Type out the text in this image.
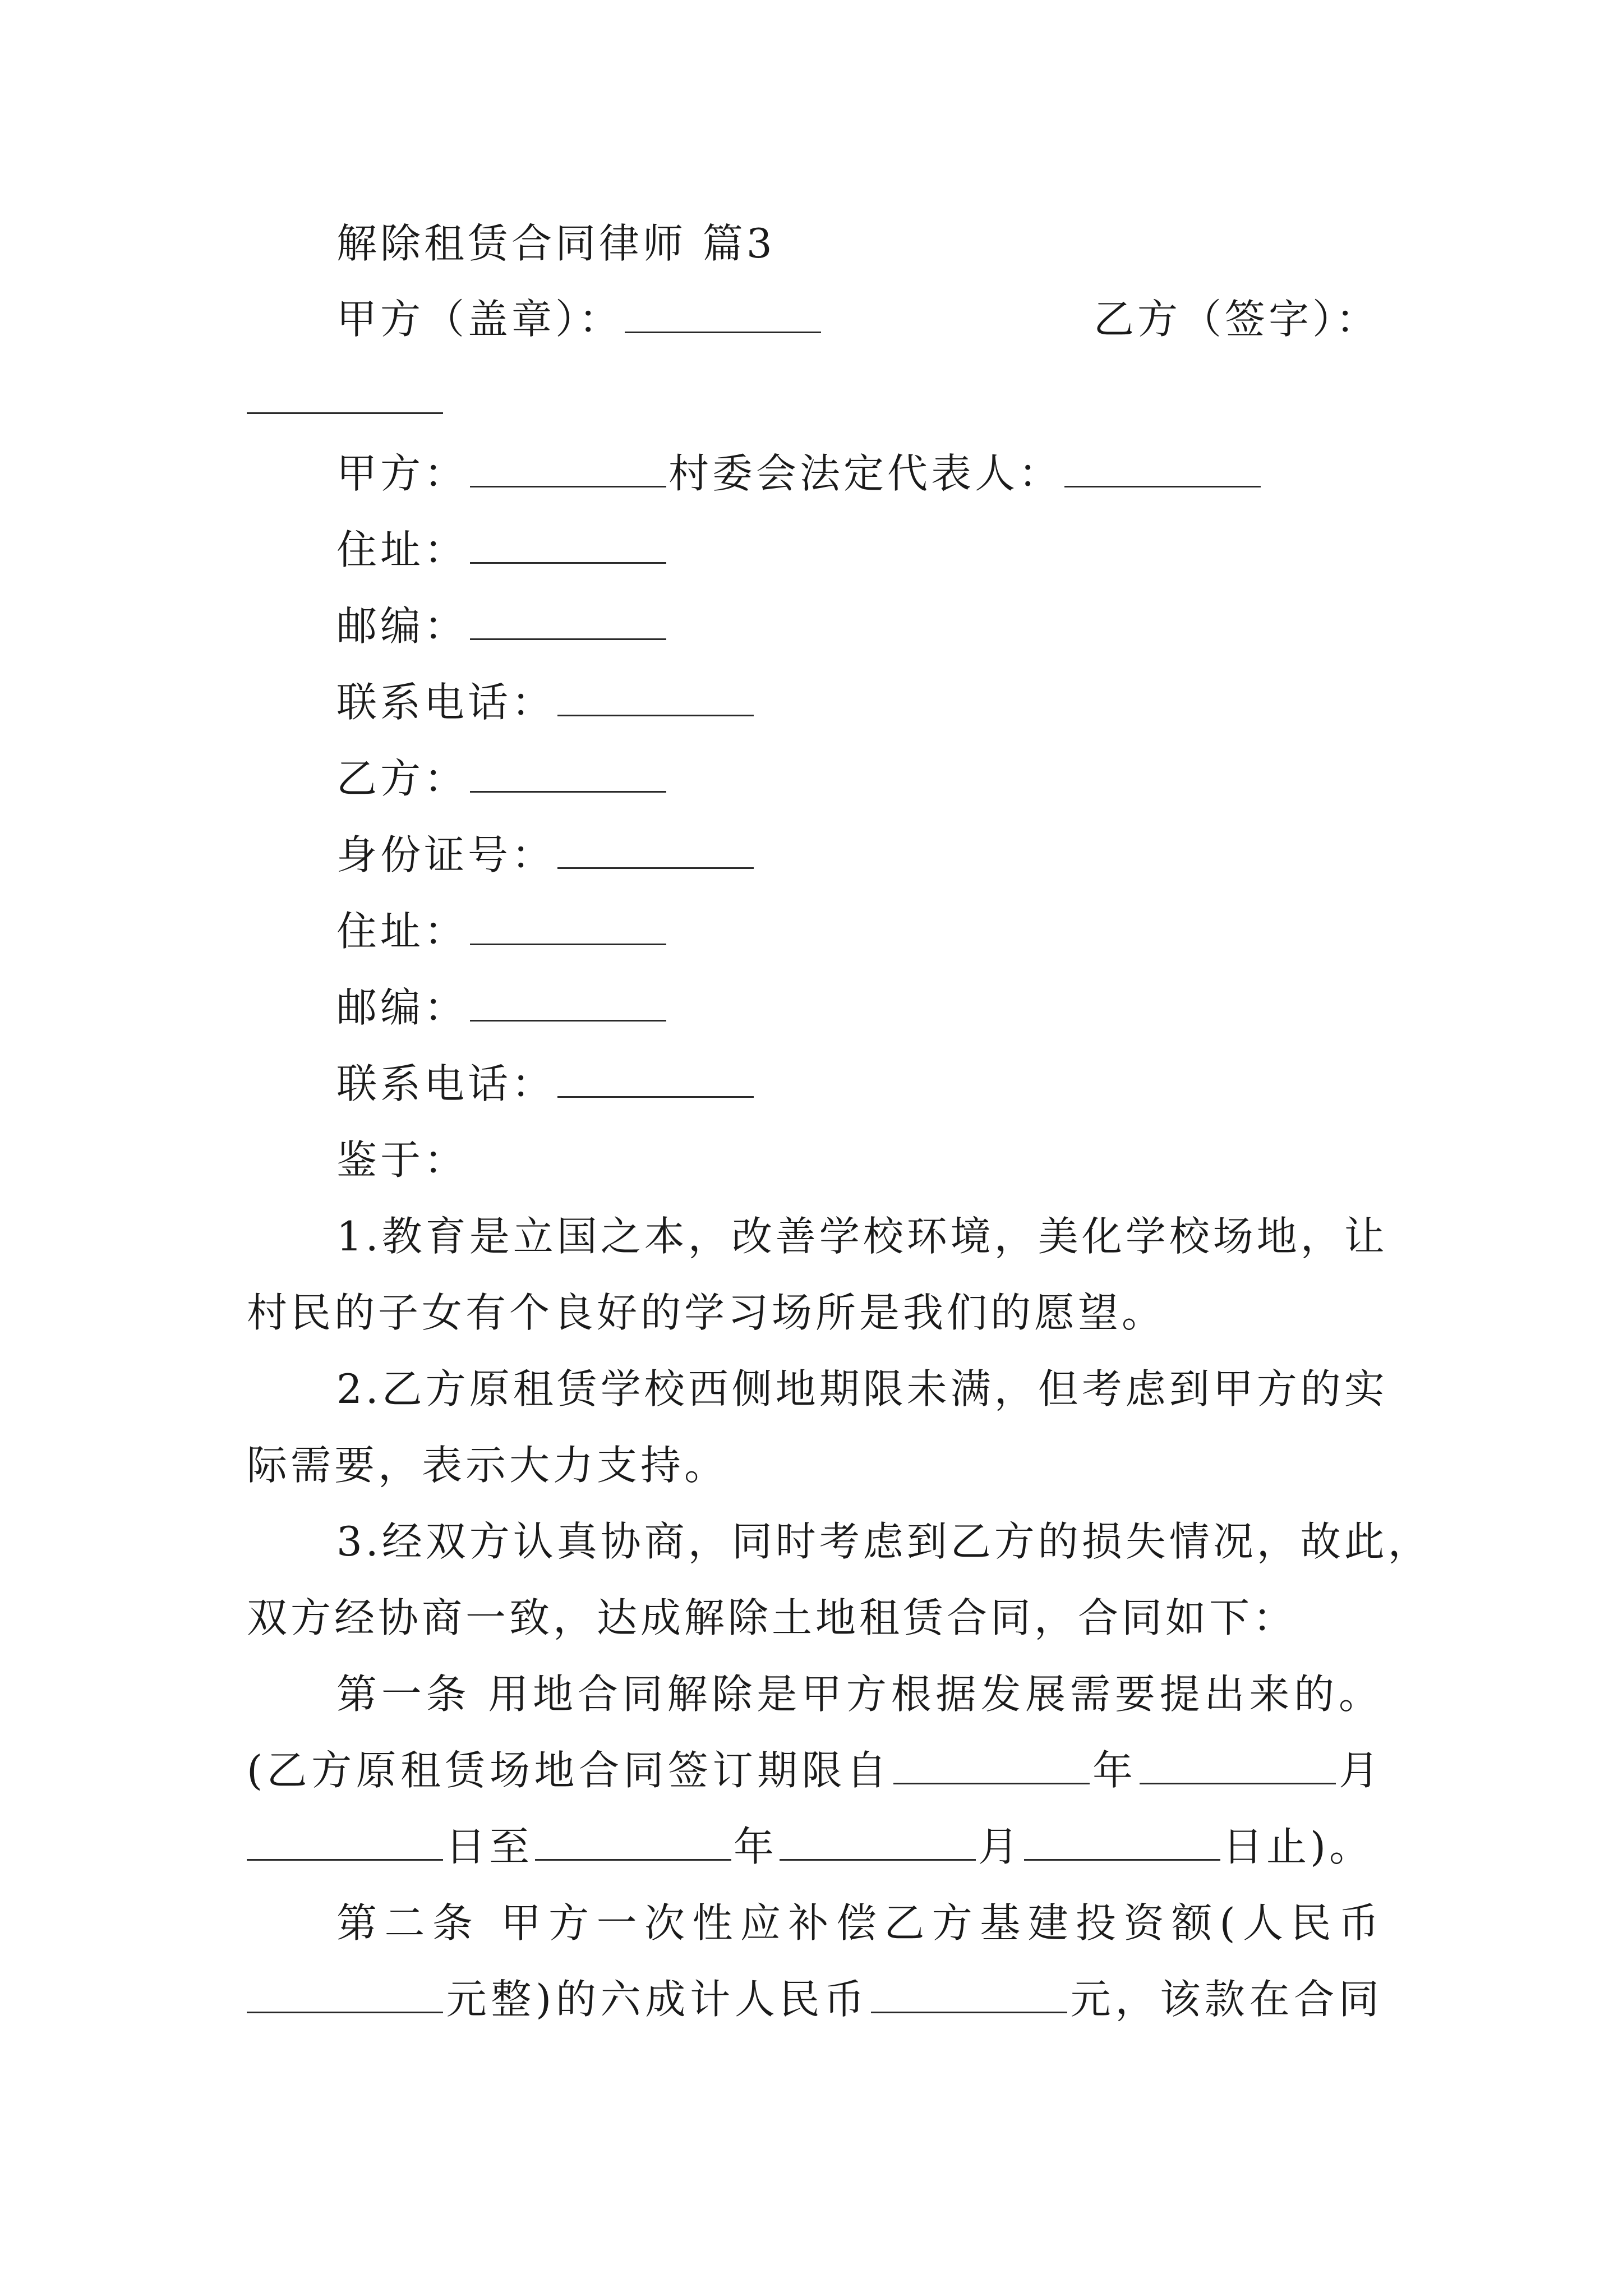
解除租赁合同律师 篇3
甲方（盖章）：	乙方（签字）：
甲方：	村委会法定代表人：
住址：
邮编：
联系电话：
乙方：
身份证号：
住址：
邮编：
联系电话：
鉴于：
1.教育是立国之本，改善学校环境，美化学校场地，让
村民的子女有个良好的学习场所是我们的愿望。
2.乙方原租赁学校西侧地期限未满，但考虑到甲方的实
际需要，表示大力支持。
3.经双方认真协商，同时考虑到乙方的损失情况，故此，
双方经协商一致，达成解除土地租赁合同，合同如下：
第一条 用地合同解除是甲方根据发展需要提出来的。
(乙方原租赁场地合同签订期限自	年	月
日至	年	月	日止)。
第二条 甲方一次性应补偿乙方基建投资额(人民币
元整)的六成计人民币	元，该款在合同
